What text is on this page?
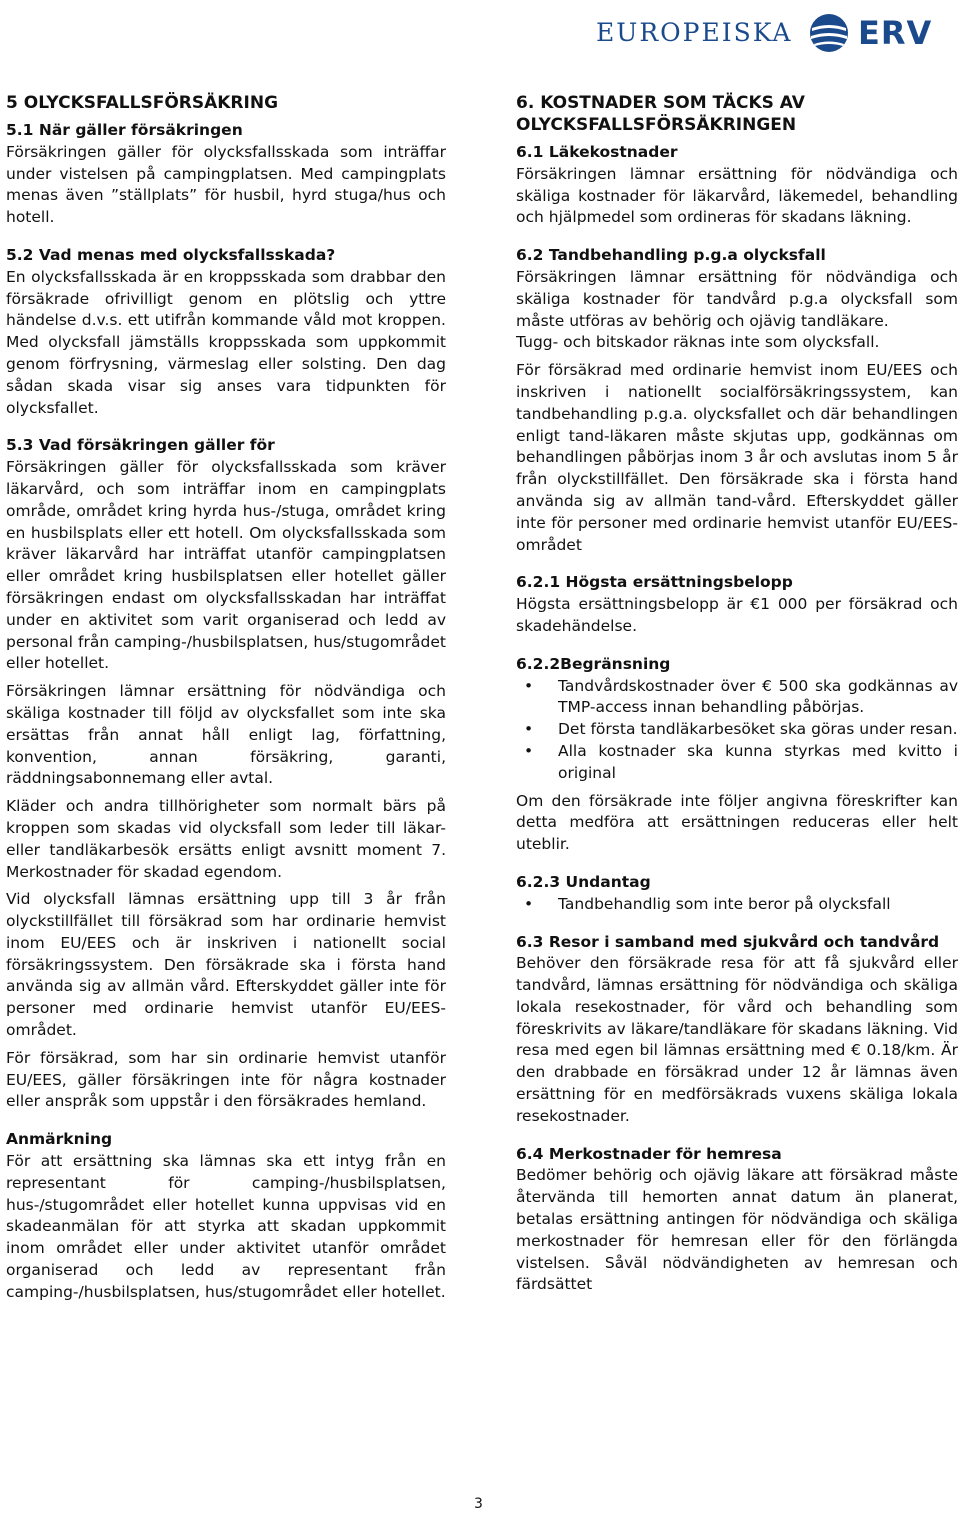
EUROPEISKA ERV
5 OLYCKSFALLSFÖRSÄKRING
5.1 När gäller försäkringen

Försäkringen gäller för olycksfallsskada som inträffar under vistelsen på campingplatsen. Med campingplats menas även ”ställplats” för husbil, hyrd stuga/hus och hotell.

5.2 Vad menas med olycksfallsskada?

En olycksfallsskada är en kroppsskada som drabbar den försäkrade ofrivilligt genom en plötslig och yttre händelse d.v.s. ett utifrån kommande våld mot kroppen. Med olycksfall jämställs kroppsskada som uppkommit genom förfrysning, värmeslag eller solsting. Den dag sådan skada visar sig anses vara tidpunkten för olycksfallet.

5.3 Vad försäkringen gäller för

Försäkringen gäller för olycksfallsskada som kräver läkarvård, och som inträffar inom en campingplats område, området kring hyrda hus-/stuga, området kring en husbilsplats eller ett hotell. Om olycksfallsskada som kräver läkarvård har inträffat utanför campingplatsen eller området kring husbilsplatsen eller hotellet gäller försäkringen endast om olycksfallsskadan har inträffat under en aktivitet som varit organiserad och ledd av personal från camping-/husbilsplatsen, hus/stugområdet eller hotellet.

Försäkringen lämnar ersättning för nödvändiga och skäliga kostnader till följd av olycksfallet som inte ska ersättas från annat håll enligt lag, författning, konvention, annan försäkring, garanti, räddningsabonnemang eller avtal.

Kläder och andra tillhörigheter som normalt bärs på kroppen som skadas vid olycksfall som leder till läkar- eller tandläkarbesök ersätts enligt avsnitt moment 7. Merkostnader för skadad egendom.

Vid olycksfall lämnas ersättning upp till 3 år från olyckstillfället till försäkrad som har ordinarie hemvist inom EU/EES och är inskriven i nationellt social försäkringssystem. Den försäkrade ska i första hand använda sig av allmän vård. Efterskyddet gäller inte för personer med ordinarie hemvist utanför EU/EES-området.

För försäkrad, som har sin ordinarie hemvist utanför EU/EES, gäller försäkringen inte för några kostnader eller anspråk som uppstår i den försäkrades hemland.

Anmärkning

För att ersättning ska lämnas ska ett intyg från en representant för camping-/husbilsplatsen, hus-/stugområdet eller hotellet kunna uppvisas vid en skadeanmälan för att styrka att skadan uppkommit inom området eller under aktivitet utanför området organiserad och ledd av representant från camping-/husbilsplatsen, hus/stugområdet eller hotellet.

6. KOSTNADER SOM TÄCKS AV OLYCKSFALLSFÖRSÄKRINGEN
6.1 Läkekostnader

Försäkringen lämnar ersättning för nödvändiga och skäliga kostnader för läkarvård, läkemedel, behandling och hjälpmedel som ordineras för skadans läkning.

6.2 Tandbehandling p.g.a olycksfall

Försäkringen lämnar ersättning för nödvändiga och skäliga kostnader för tandvård p.g.a olycksfall som måste utföras av behörig och ojävig tandläkare.

Tugg- och bitskador räknas inte som olycksfall.

För försäkrad med ordinarie hemvist inom EU/EES och inskriven i nationellt socialförsäkringssystem, kan tandbehandling p.g.a. olycksfallet och där behandlingen enligt tand-läkaren måste skjutas upp, godkännas om behandlingen påbörjas inom 3 år och avslutas inom 5 år från olyckstillfället. Den försäkrade ska i första hand använda sig av allmän tand-vård. Efterskyddet gäller inte för personer med ordinarie hemvist utanför EU/EES-området

6.2.1 Högsta ersättningsbelopp

Högsta ersättningsbelopp är €1 000 per försäkrad och skadehändelse.

6.2.2Begränsning
• Tandvårdskostnader över € 500 ska godkännas av TMP-access innan behandling påbörjas.
• Det första tandläkarbesöket ska göras under resan.
• Alla kostnader ska kunna styrkas med kvitto i original

Om den försäkrade inte följer angivna föreskrifter kan detta medföra att ersättningen reduceras eller helt uteblir.

6.2.3 Undantag
• Tandbehandlig som inte beror på olycksfall
6.3 Resor i samband med sjukvård och tandvård

Behöver den försäkrade resa för att få sjukvård eller tandvård, lämnas ersättning för nödvändiga och skäliga lokala resekostnader, för vård och behandling som föreskrivits av läkare/tandläkare för skadans läkning. Vid resa med egen bil lämnas ersättning med € 0.18/km. Är den drabbade en försäkrad under 12 år lämnas även ersättning för en medförsäkrads vuxens skäliga lokala resekostnader.

6.4 Merkostnader för hemresa

Bedömer behörig och ojävig läkare att försäkrad måste återvända till hemorten annat datum än planerat, betalas ersättning antingen för nödvändiga och skäliga merkostnader för hemresan eller för den förlängda vistelsen. Såväl nödvändigheten av hemresan och färdsättet

3
